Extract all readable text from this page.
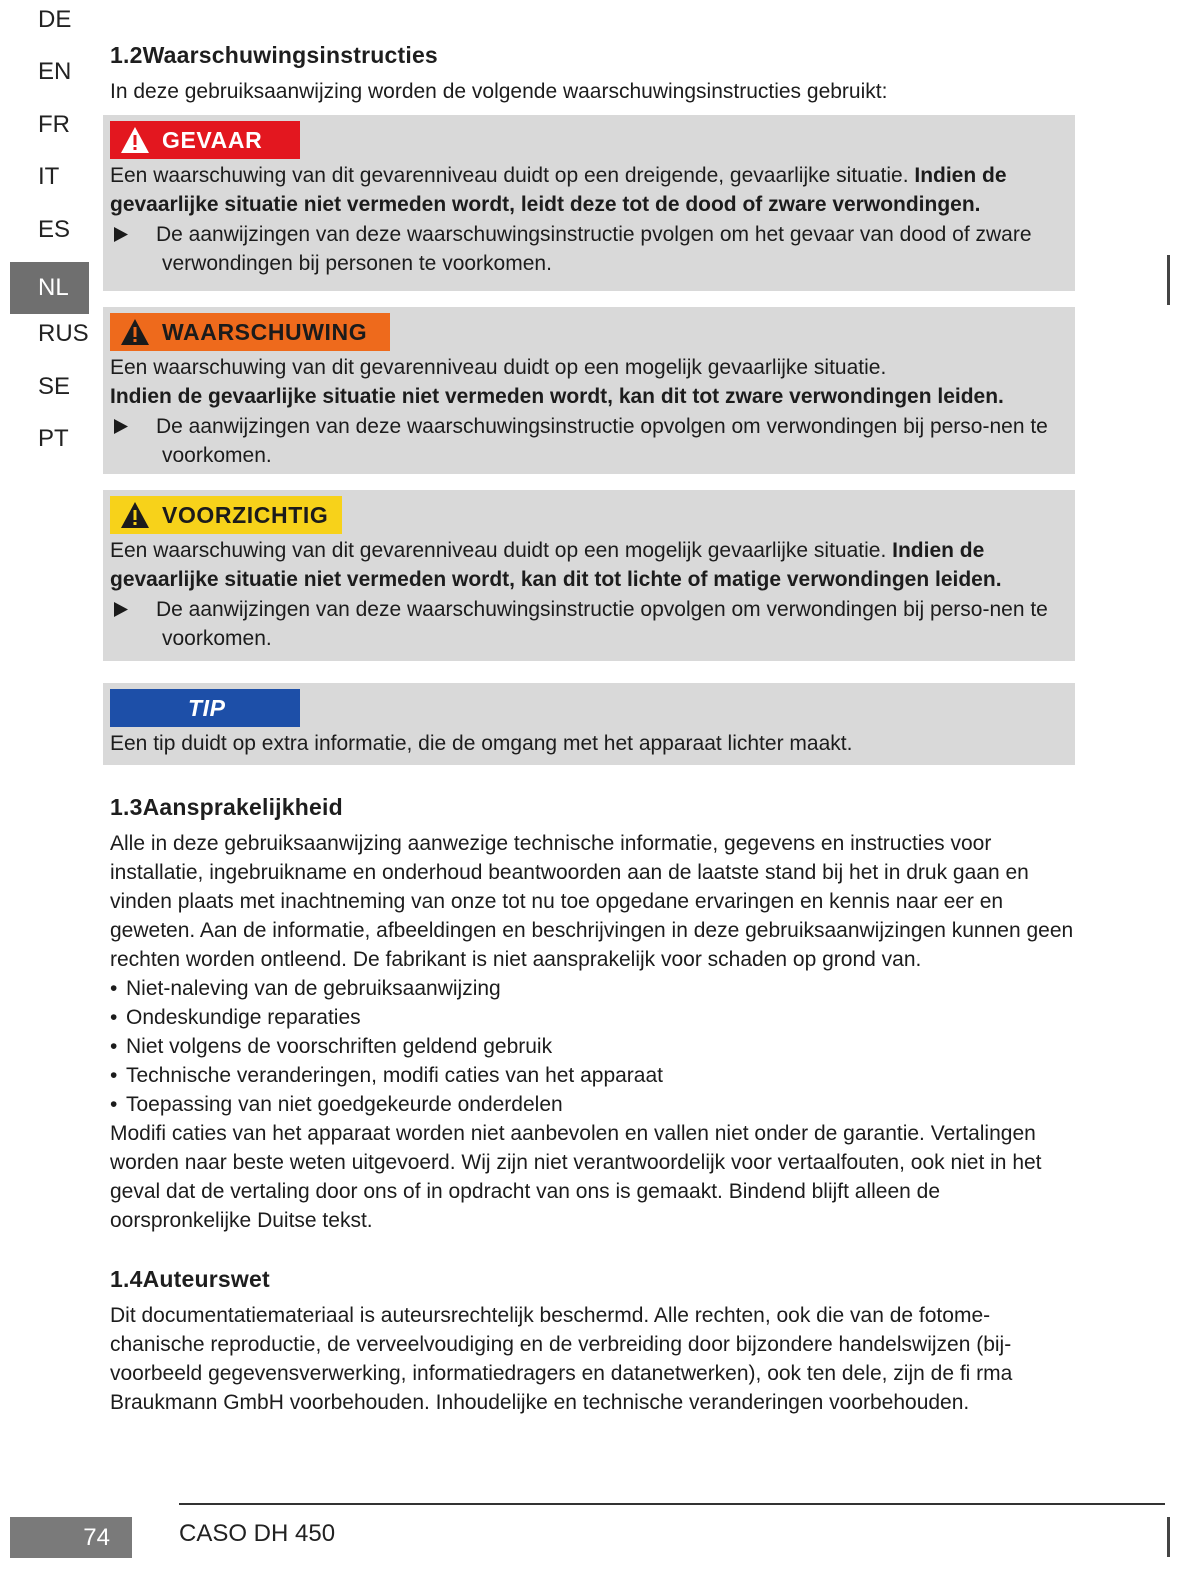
DE
EN
FR
IT
ES
NL
RUS
SE
PT
1.2Waarschuwingsinstructies

In deze gebruiksaanwijzing worden de volgende waarschuwingsinstructies gebruikt:

GEVAAR

Een waarschuwing van dit gevarenniveau duidt op een dreigende, gevaarlijke situatie. Indien de gevaarlijke situatie niet vermeden wordt, leidt deze tot de dood of zware verwondingen.

De aanwijzingen van deze waarschuwingsinstructie pvolgen om het gevaar van dood of zware verwondingen bij personen te voorkomen.
WAARSCHUWING

Een waarschuwing van dit gevarenniveau duidt op een mogelijk gevaarlijke situatie.

Indien de gevaarlijke situatie niet vermeden wordt, kan dit tot zware verwondingen leiden.

De aanwijzingen van deze waarschuwingsinstructie opvolgen om verwondingen bij perso-nen te voorkomen.
VOORZICHTIG

Een waarschuwing van dit gevarenniveau duidt op een mogelijk gevaarlijke situatie. Indien de gevaarlijke situatie niet vermeden wordt, kan dit tot lichte of matige verwondingen leiden.

De aanwijzingen van deze waarschuwingsinstructie opvolgen om verwondingen bij perso-nen te voorkomen.
TIP

Een tip duidt op extra informatie, die de omgang met het apparaat lichter maakt.

1.3Aansprakelijkheid

Alle in deze gebruiksaanwijzing aanwezige technische informatie, gegevens en instructies voor installatie, ingebruikname en onderhoud beantwoorden aan de laatste stand bij het in druk gaan en vinden plaats met inachtneming van onze tot nu toe opgedane ervaringen en kennis naar eer en geweten. Aan de informatie, afbeeldingen en beschrijvingen in deze gebruiksaanwijzingen kunnen geen rechten worden ontleend. De fabrikant is niet aansprakelijk voor schaden op grond van.

• Niet-naleving van de gebruiksaanwijzing
• Ondeskundige reparaties
• Niet volgens de voorschriften geldend gebruik
• Technische veranderingen, modifi caties van het apparaat
• Toepassing van niet goedgekeurde onderdelen

Modifi caties van het apparaat worden niet aanbevolen en vallen niet onder de garantie. Vertalingen worden naar beste weten uitgevoerd. Wij zijn niet verantwoordelijk voor vertaalfouten, ook niet in het geval dat de vertaling door ons of in opdracht van ons is gemaakt. Bindend blijft alleen de oorspronkelijke Duitse tekst.

1.4Auteurswet

Dit documentatiemateriaal is auteursrechtelijk beschermd. Alle rechten, ook die van de fotome-chanische reproductie, de verveelvoudiging en de verbreiding door bijzondere handelswijzen (bij-voorbeeld gegevensverwerking, informatiedragers en datanetwerken), ook ten dele, zijn de fi rma Braukmann GmbH voorbehouden. Inhoudelijke en technische veranderingen voorbehouden.

74	CASO DH 450
